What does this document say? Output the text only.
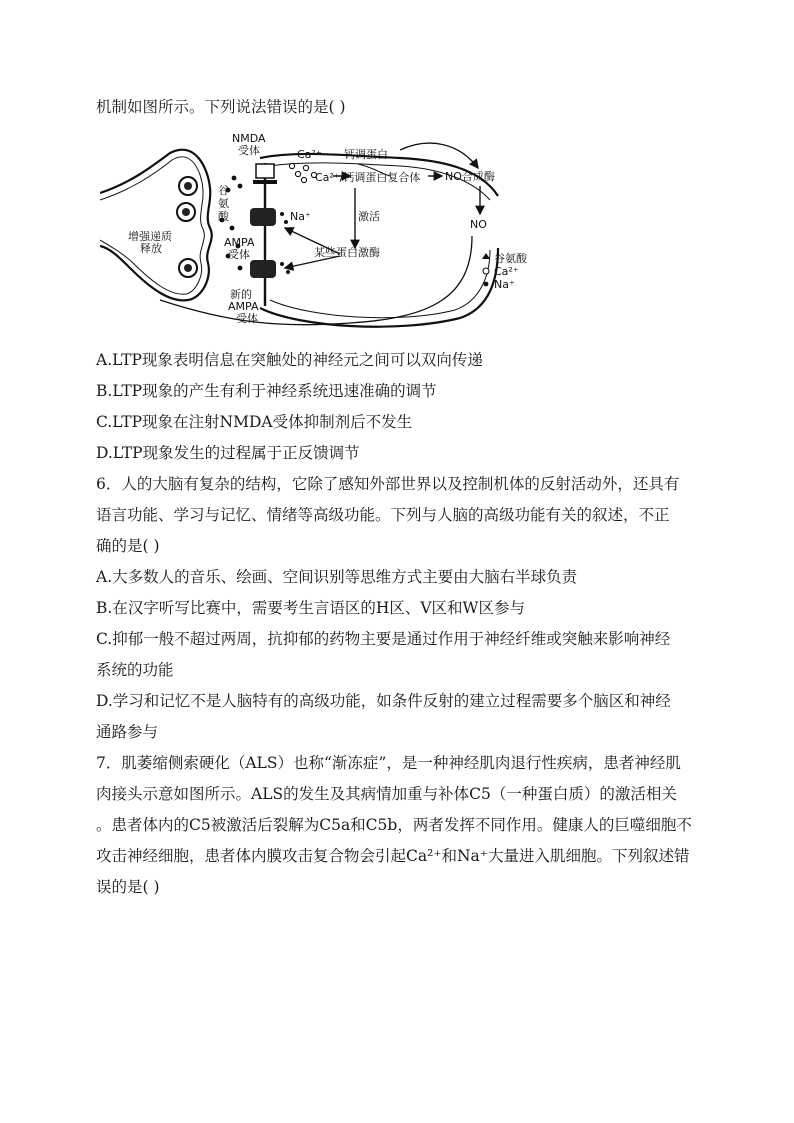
机制如图所示。下列说法错误的是( )
NMDA
受体	Ca²⁺ 钙调蛋白
Ca²⁺/钙调蛋白复合体 NO合成酶
NO
谷
氨
酸	Na⁺	激活
增强递质
释放	AMPA
受体	某些蛋白激酶
新的
AMPA
受体
谷氨酸
Ca²⁺
Na⁺
A.LTP现象表明信息在突触处的神经元之间可以双向传递
B.LTP现象的产生有利于神经系统迅速准确的调节
C.LTP现象在注射NMDA受体抑制剂后不发生
D.LTP现象发生的过程属于正反馈调节
6．人的大脑有复杂的结构，它除了感知外部世界以及控制机体的反射活动外，还具有
语言功能、学习与记忆、情绪等高级功能。下列与人脑的高级功能有关的叙述，不正
确的是( )
A.大多数人的音乐、绘画、空间识别等思维方式主要由大脑右半球负责
B.在汉字听写比赛中，需要考生言语区的H区、V区和W区参与
C.抑郁一般不超过两周，抗抑郁的药物主要是通过作用于神经纤维或突触来影响神经
系统的功能
D.学习和记忆不是人脑特有的高级功能，如条件反射的建立过程需要多个脑区和神经
通路参与
7．肌萎缩侧索硬化（ALS）也称“渐冻症”，是一种神经肌肉退行性疾病，患者神经肌
肉接头示意如图所示。ALS的发生及其病情加重与补体C5（一种蛋白质）的激活相关
。患者体内的C5被激活后裂解为C5a和C5b，两者发挥不同作用。健康人的巨噬细胞不
攻击神经细胞，患者体内膜攻击复合物会引起Ca²⁺和Na⁺大量进入肌细胞。下列叙述错
误的是( )
